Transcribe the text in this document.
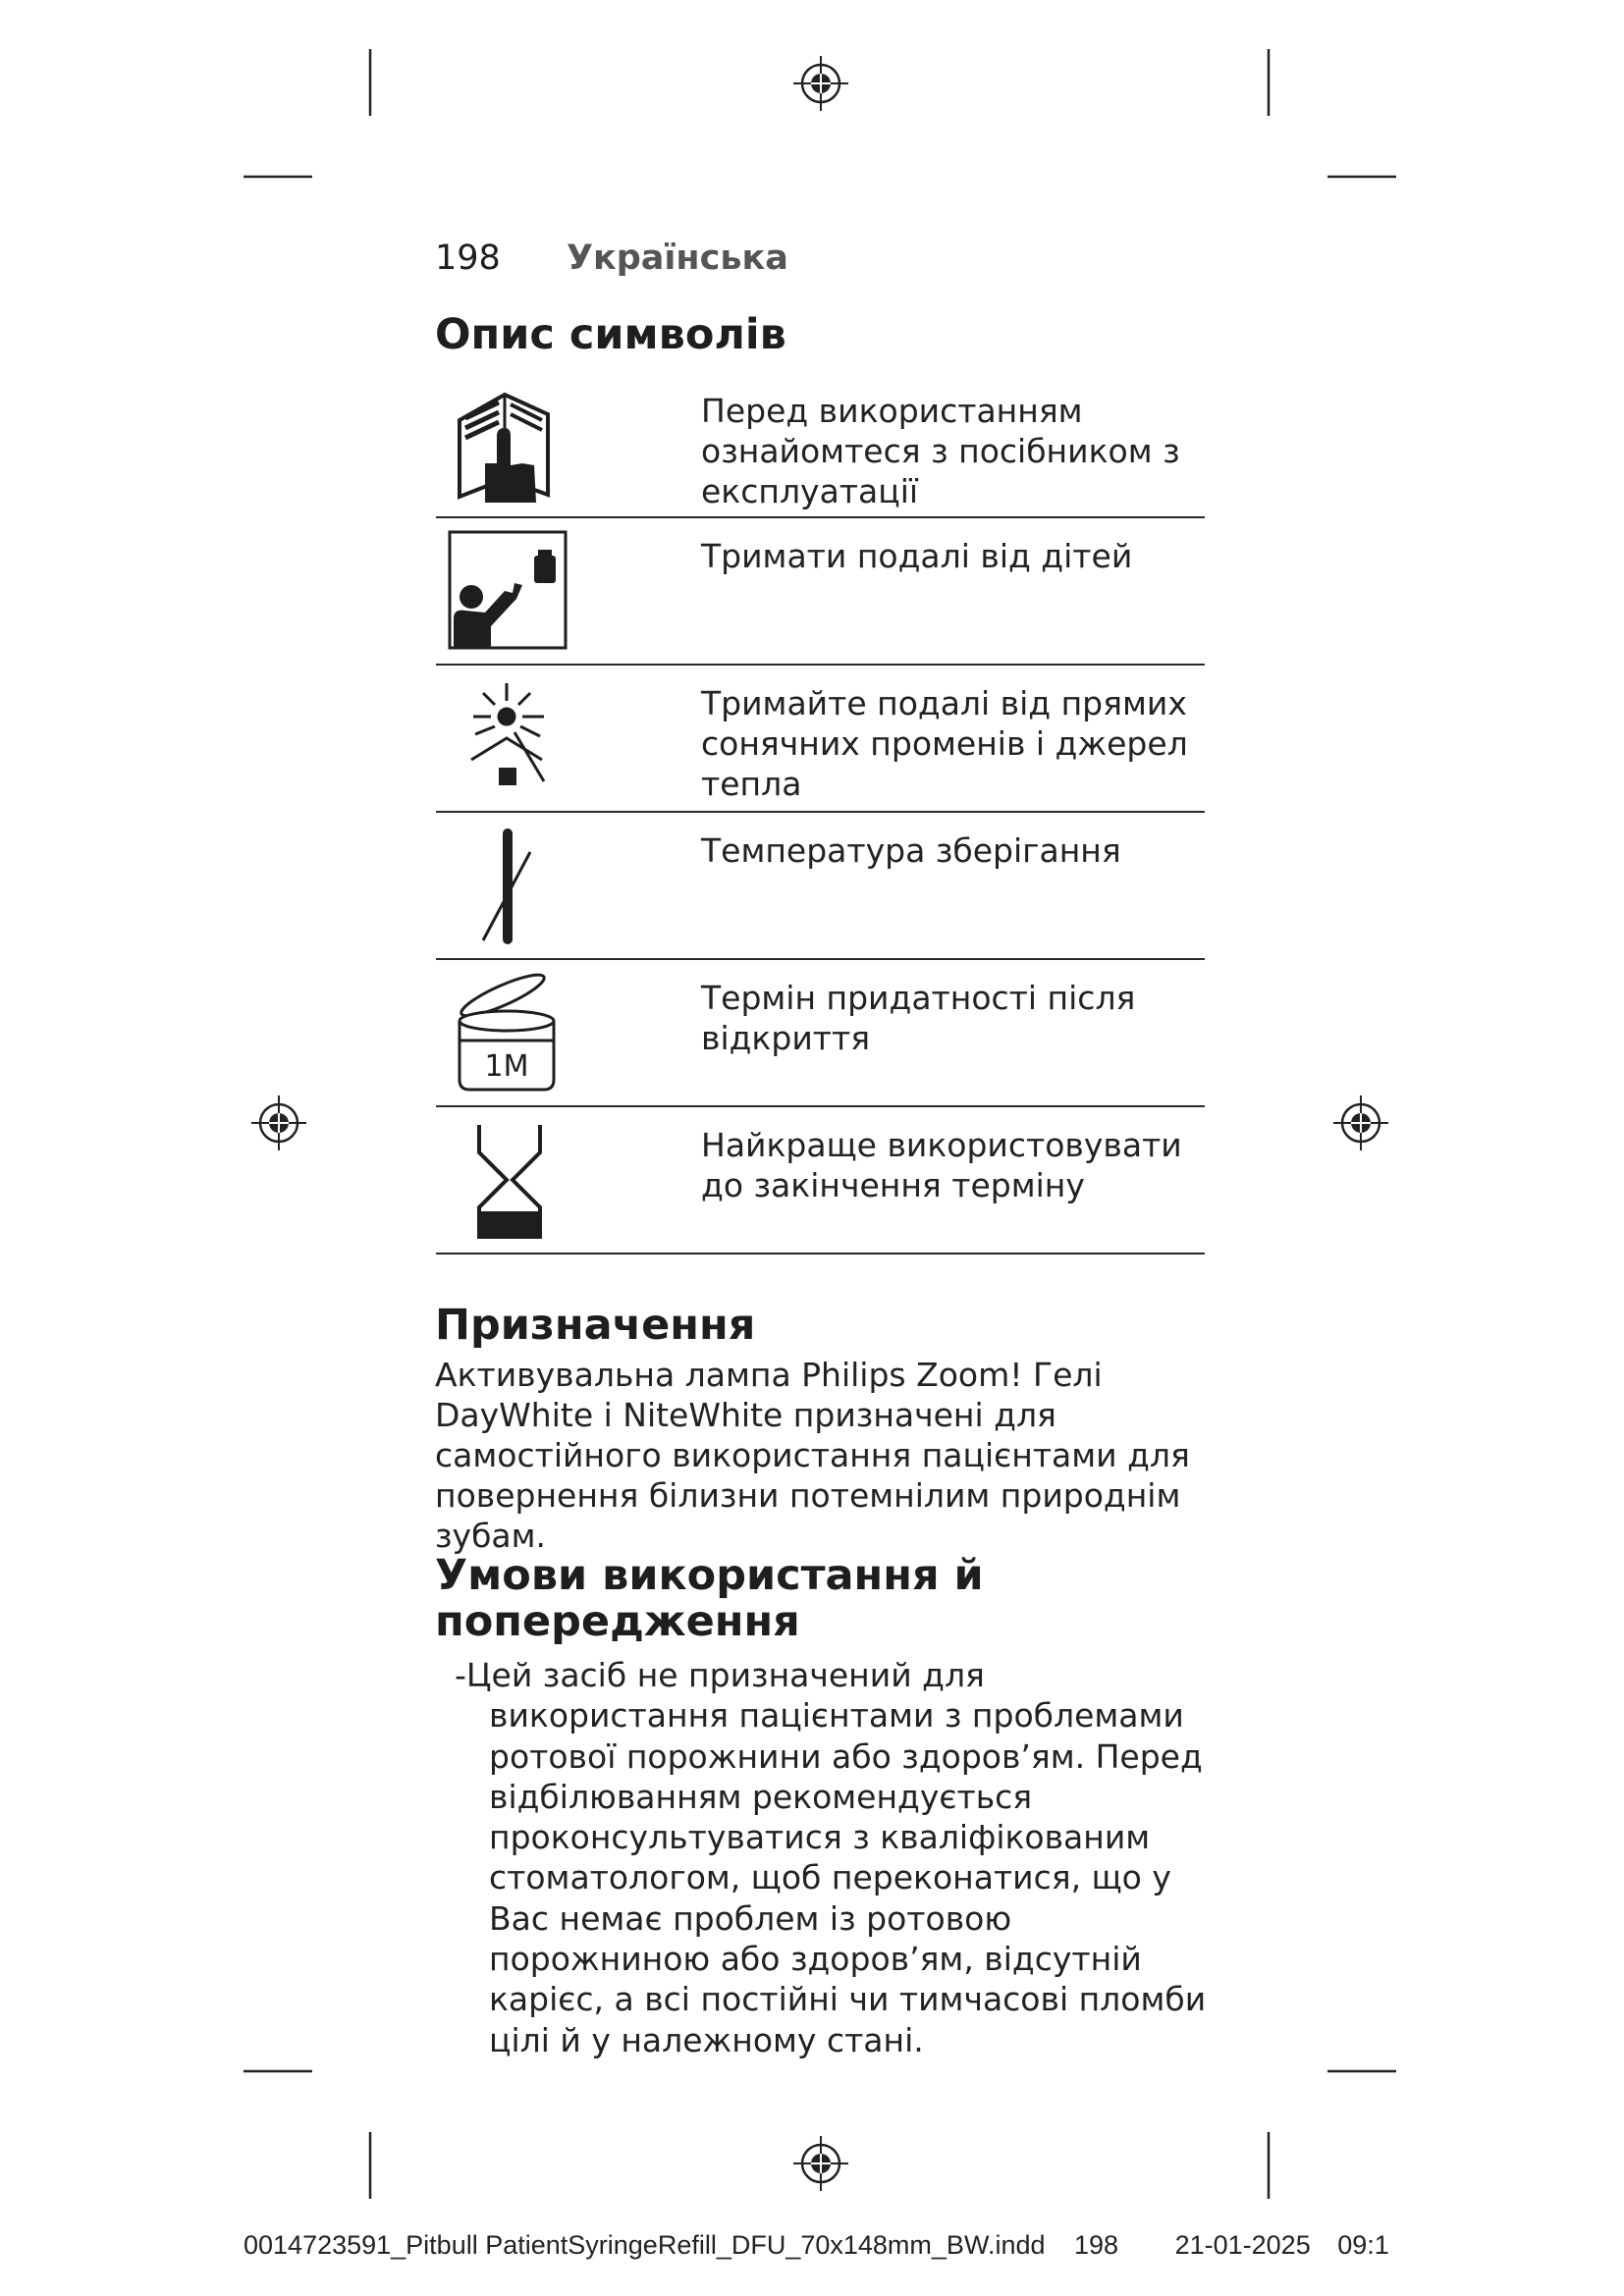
198 Українська
Опис символів
Перед використанням ознайомтеся з посібником з експлуатації
Тримати подалі від дітей
Тримайте подалі від прямих сонячних променів і джерел тепла
Температура зберігання
1M
Термін придатності після відкриття
Найкраще використовувати до закінчення терміну
Призначення
Активувальна лампа Philips Zoom! Гелі DayWhite і NiteWhite призначені для самостійного використання пацієнтами для повернення білизни потемнілим природнім зубам.
Умови використання й попередження
-Цей засіб не призначений для використання пацієнтами з проблемами ротової порожнини або здоров’ям. Перед відбілюванням рекомендується проконсультуватися з кваліфікованим стоматологом, щоб переконатися, що у Вас немає проблем із ротовою порожниною або здоров’ям, відсутній карієс, а всі постійні чи тимчасові пломби цілі й у належному стані.
0014723591_Pitbull PatientSyringeRefill_DFU_70x148mm_BW.indd 198 21-01-2025 09:1
